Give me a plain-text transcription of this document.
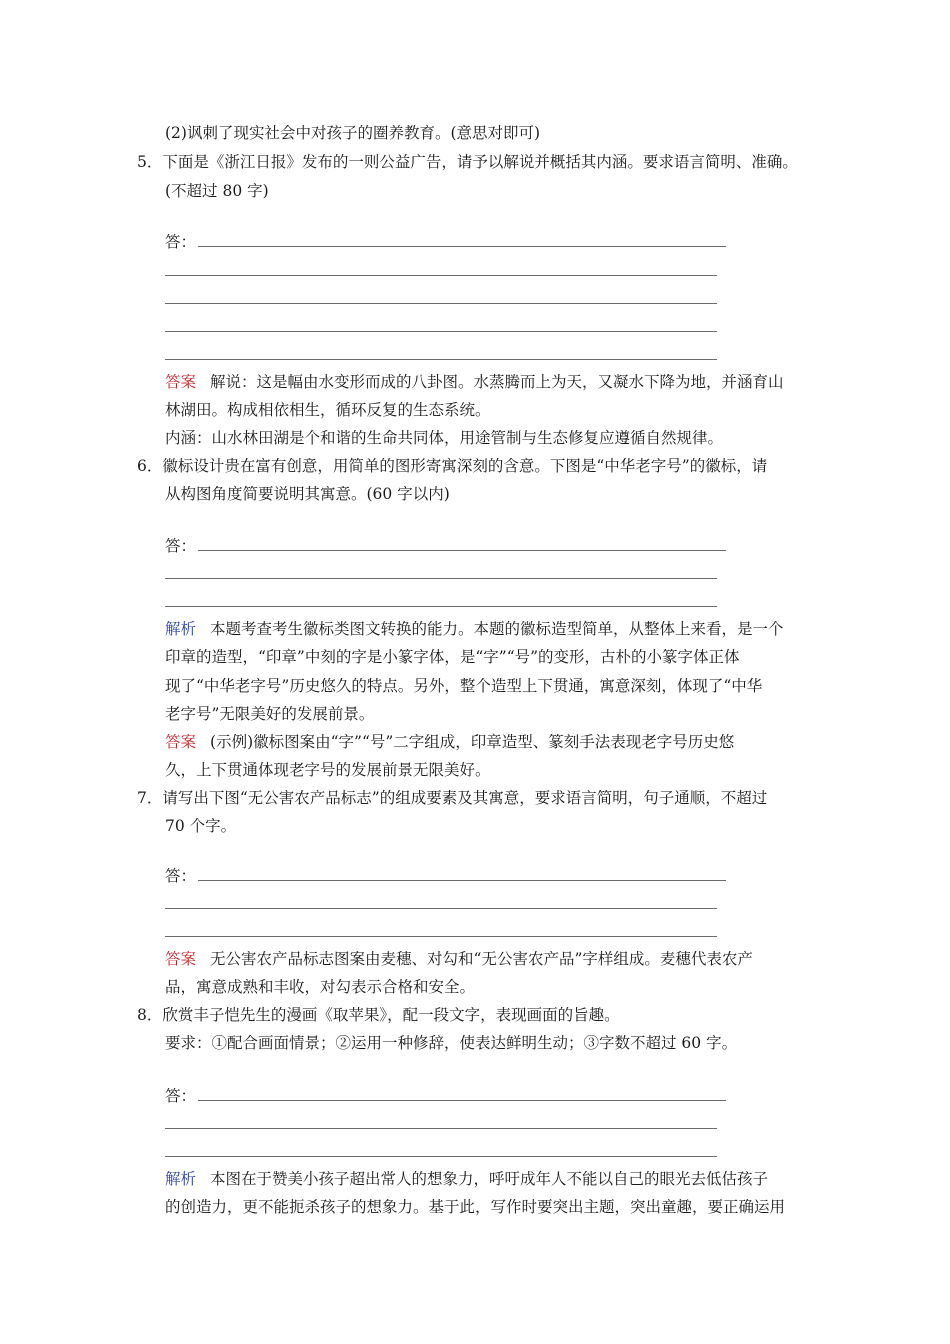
(2)讽刺了现实社会中对孩子的圈养教育。(意思对即可)
5．下面是《浙江日报》发布的一则公益广告，请予以解说并概括其内涵。要求语言简明、准确。
(不超过 80 字)
答：
答案 解说：这是幅由水变形而成的八卦图。水蒸腾而上为天，又凝水下降为地，并涵育山
林湖田。构成相依相生，循环反复的生态系统。
内涵：山水林田湖是个和谐的生命共同体，用途管制与生态修复应遵循自然规律。
6．徽标设计贵在富有创意，用简单的图形寄寓深刻的含意。下图是“中华老字号”的徽标，请
从构图角度简要说明其寓意。(60 字以内)
答：
解析 本题考查考生徽标类图文转换的能力。本题的徽标造型简单，从整体上来看，是一个
印章的造型，“印章”中刻的字是小篆字体，是“字”“号”的变形，古朴的小篆字体正体
现了“中华老字号”历史悠久的特点。另外，整个造型上下贯通，寓意深刻，体现了“中华
老字号”无限美好的发展前景。
答案 (示例)徽标图案由“字”“号”二字组成，印章造型、篆刻手法表现老字号历史悠
久，上下贯通体现老字号的发展前景无限美好。
7．请写出下图“无公害农产品标志”的组成要素及其寓意，要求语言简明，句子通顺，不超过
70 个字。
答：
答案 无公害农产品标志图案由麦穗、对勾和“无公害农产品”字样组成。麦穗代表农产
品，寓意成熟和丰收，对勾表示合格和安全。
8．欣赏丰子恺先生的漫画《取苹果》，配一段文字，表现画面的旨趣。
要求：①配合画面情景；②运用一种修辞，使表达鲜明生动；③字数不超过 60 字。
答：
解析 本图在于赞美小孩子超出常人的想象力，呼吁成年人不能以自己的眼光去低估孩子
的创造力，更不能扼杀孩子的想象力。基于此，写作时要突出主题，突出童趣，要正确运用
